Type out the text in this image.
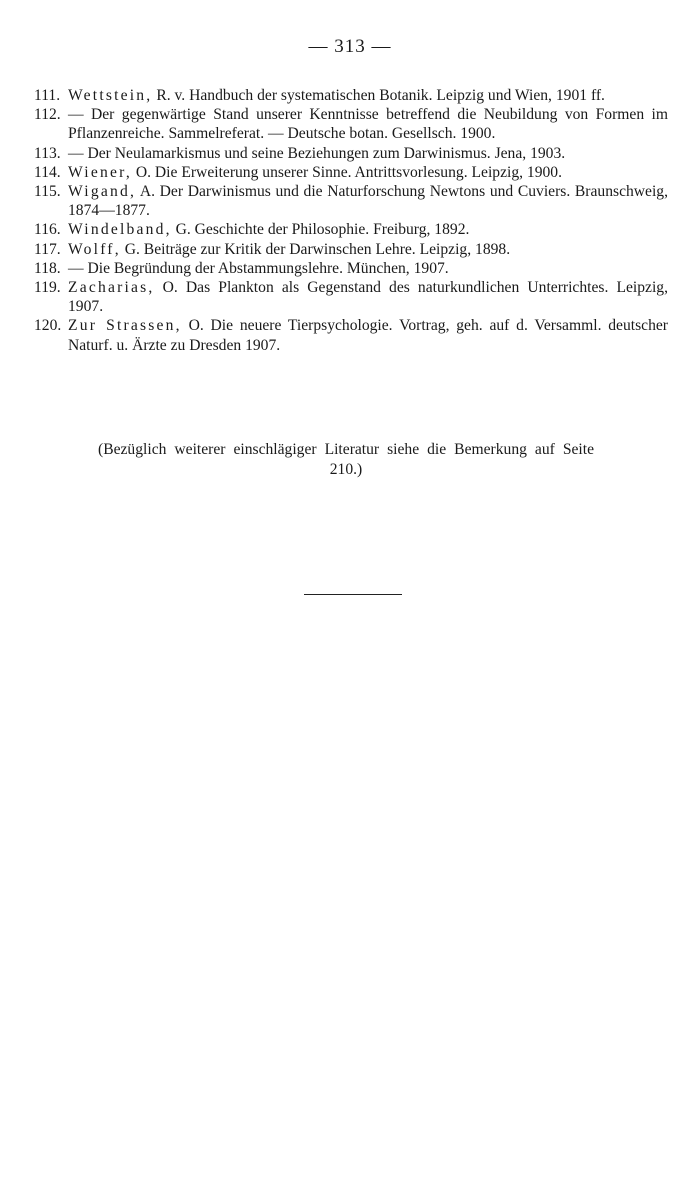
— 313 —
111. Wettstein, R. v. Handbuch der systematischen Botanik. Leipzig und Wien, 1901 ff.
112. — Der gegenwärtige Stand unserer Kenntnisse betreffend die Neubildung von Formen im Pflanzenreiche. Sammelreferat. — Deutsche botan. Gesellsch. 1900.
113. — Der Neulamarkismus und seine Beziehungen zum Darwinismus. Jena, 1903.
114. Wiener, O. Die Erweiterung unserer Sinne. Antrittsvorlesung. Leipzig, 1900.
115. Wigand, A. Der Darwinismus und die Naturforschung Newtons und Cuviers. Braunschweig, 1874—1877.
116. Windelband, G. Geschichte der Philosophie. Freiburg, 1892.
117. Wolff, G. Beiträge zur Kritik der Darwinschen Lehre. Leipzig, 1898.
118. — Die Begründung der Abstammungslehre. München, 1907.
119. Zacharias, O. Das Plankton als Gegenstand des naturkundlichen Unterrichtes. Leipzig, 1907.
120. Zur Strassen, O. Die neuere Tierpsychologie. Vortrag, geh. auf d. Versamml. deutscher Naturf. u. Ärzte zu Dresden 1907.
(Bezüglich weiterer einschlägiger Literatur siehe die Bemerkung auf Seite 210.)
